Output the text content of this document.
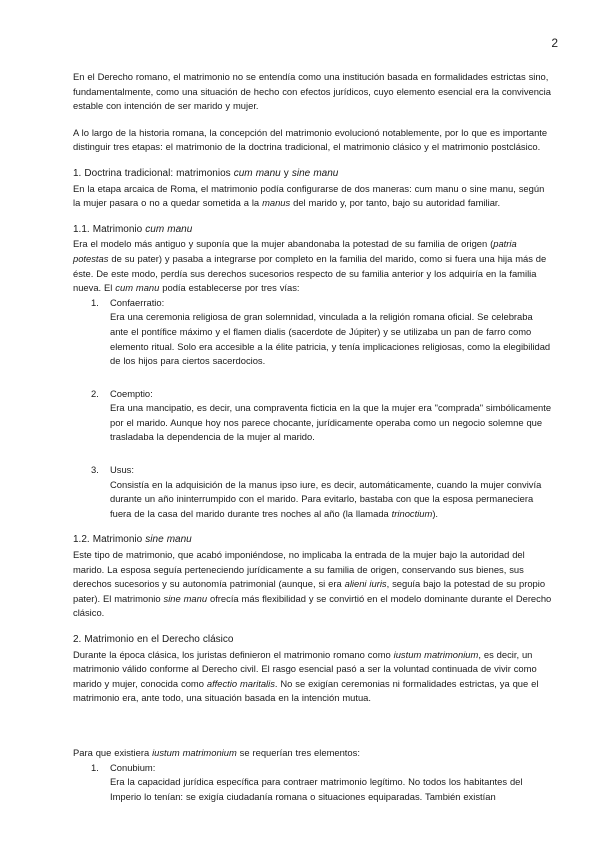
2

En el Derecho romano, el matrimonio no se entendía como una institución basada en formalidades estrictas sino, fundamentalmente, como una situación de hecho con efectos jurídicos, cuyo elemento esencial era la convivencia estable con intención de ser marido y mujer.

A lo largo de la historia romana, la concepción del matrimonio evolucionó notablemente, por lo que es importante distinguir tres etapas: el matrimonio de la doctrina tradicional, el matrimonio clásico y el matrimonio postclásico.

1. Doctrina tradicional: matrimonios cum manu y sine manu

En la etapa arcaica de Roma, el matrimonio podía configurarse de dos maneras: cum manu o sine manu, según la mujer pasara o no a quedar sometida a la manus del marido y, por tanto, bajo su autoridad familiar.

1.1. Matrimonio cum manu

Era el modelo más antiguo y suponía que la mujer abandonaba la potestad de su familia de origen (patria potestas de su pater) y pasaba a integrarse por completo en la familia del marido, como si fuera una hija más de éste. De este modo, perdía sus derechos sucesorios respecto de su familia anterior y los adquiría en la familia nueva. El cum manu podía establecerse por tres vías:

1. Confaerratio:
Era una ceremonia religiosa de gran solemnidad, vinculada a la religión romana oficial. Se celebraba ante el pontífice máximo y el flamen dialis (sacerdote de Júpiter) y se utilizaba un pan de farro como elemento ritual. Solo era accesible a la élite patricia, y tenía implicaciones religiosas, como la elegibilidad de los hijos para ciertos sacerdocios.
2. Coemptio:
Era una mancipatio, es decir, una compraventa ficticia en la que la mujer era "comprada" simbólicamente por el marido. Aunque hoy nos parece chocante, jurídicamente operaba como un negocio solemne que trasladaba la dependencia de la mujer al marido.
3. Usus:
Consistía en la adquisición de la manus ipso iure, es decir, automáticamente, cuando la mujer convivía durante un año ininterrumpido con el marido. Para evitarlo, bastaba con que la esposa permaneciera fuera de la casa del marido durante tres noches al año (la llamada trinoctium).
1.2. Matrimonio sine manu

Este tipo de matrimonio, que acabó imponiéndose, no implicaba la entrada de la mujer bajo la autoridad del marido. La esposa seguía perteneciendo jurídicamente a su familia de origen, conservando sus bienes, sus derechos sucesorios y su autonomía patrimonial (aunque, si era alieni iuris, seguía bajo la potestad de su propio pater). El matrimonio sine manu ofrecía más flexibilidad y se convirtió en el modelo dominante durante el Derecho clásico.

2. Matrimonio en el Derecho clásico

Durante la época clásica, los juristas definieron el matrimonio romano como iustum matrimonium, es decir, un matrimonio válido conforme al Derecho civil. El rasgo esencial pasó a ser la voluntad continuada de vivir como marido y mujer, conocida como affectio maritalis. No se exigían ceremonias ni formalidades estrictas, ya que el matrimonio era, ante todo, una situación basada en la intención mutua.

Para que existiera iustum matrimonium se requerían tres elementos:

1. Conubium:
Era la capacidad jurídica específica para contraer matrimonio legítimo. No todos los habitantes del Imperio lo tenían: se exigía ciudadanía romana o situaciones equiparadas. También existían
